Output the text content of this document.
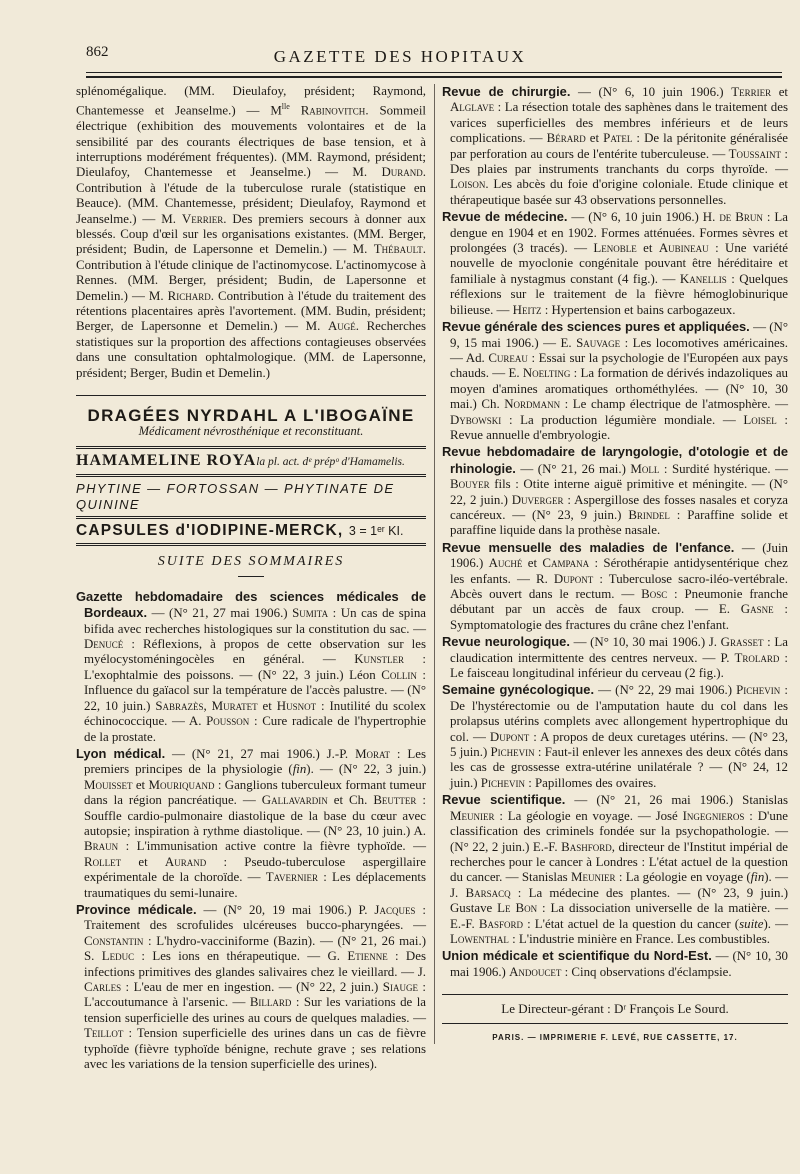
862	GAZETTE DES HOPITAUX

splénomégalique. (MM. Dieulafoy, président; Raymond, Chantemesse et Jeanselme.) — $M^{lle}$ Rabinovitch. Sommeil électrique (exhibition des mouvements volontaires et de la sensibilité par des courants électriques de base tension, et à interruptions modérément fréquentes). (MM. Raymond, président; Dieulafoy, Chantemesse et Jeanselme.) — M. Durand. Contribution à l'étude de la tuberculose rurale (statistique en Beauce). (MM. Chantemesse, président; Dieulafoy, Raymond et Jeanselme.) — M. Verrier. Des premiers secours à donner aux blessés. Coup d'œil sur les organisations existantes. (MM. Berger, président; Budin, de Lapersonne et Demelin.) — M. Thébault. Contribution à l'étude clinique de l'actinomycose. L'actinomycose à Rennes. (MM. Berger, président; Budin, de Lapersonne et Demelin.) — M. Richard. Contribution à l'étude du traitement des rétentions placentaires après l'avortement. (MM. Budin, président; Berger, de Lapersonne et Demelin.) — M. Augé. Recherches statistiques sur la proportion des affections contagieuses observées dans une consultation ophtalmologique. (MM. de Lapersonne, président; Berger, Budin et Demelin.)

DRAGÉES NYRDAHL A L'IBOGAÏNE
Médicament névrosthénique et reconstituant.
HAMAMELINE ROYAla pl. act. dᵉ prépᵒ d'Hamamelis.
PHYTINE — FORTOSSAN — PHYTINATE DE QUININE
CAPSULES d'IODIPINE-MERCK, 3 = 1ᵉʳ KI.
SUITE DES SOMMAIRES

Gazette hebdomadaire des sciences médicales de Bordeaux. — (N° 21, 27 mai 1906.) Sumita : Un cas de spina bifida avec recherches histologiques sur la constitution du sac. — Denucé : Réflexions, à propos de cette observation sur les myélocystoméningocèles en général. — Kunstler : L'exophtalmie des poissons. — (N° 22, 3 juin.) Léon Collin : Influence du gaïacol sur la température de l'accès palustre. — (N° 22, 10 juin.) Sabrazès, Muratet et Husnot : Inutilité du scolex échinococcique. — A. Pousson : Cure radicale de l'hypertrophie de la prostate.

Lyon médical. — (N° 21, 27 mai 1906.) J.-P. Morat : Les premiers principes de la physiologie (fin). — (N° 22, 3 juin.) Mouisset et Mouriquand : Ganglions tuberculeux formant tumeur dans la région pancréatique. — Gallavardin et Ch. Beutter : Souffle cardio-pulmonaire diastolique de la base du cœur avec autopsie; inspiration à rythme diastolique. — (N° 23, 10 juin.) A. Braun : L'immunisation active contre la fièvre typhoïde. — Rollet et Aurand : Pseudo-tuberculose aspergillaire expérimentale de la choroïde. — Tavernier : Les déplacements traumatiques du semi-lunaire.

Province médicale. — (N° 20, 19 mai 1906.) P. Jacques : Traitement des scrofulides ulcéreuses bucco-pharyngées. — Constantin : L'hydro-vacciniforme (Bazin). — (N° 21, 26 mai.) S. Leduc : Les ions en thérapeutique. — G. Etienne : Des infections primitives des glandes salivaires chez le vieillard. — J. Carles : L'eau de mer en ingestion. — (N° 22, 2 juin.) Siauge : L'accoutumance à l'arsenic. — Billard : Sur les variations de la tension superficielle des urines au cours de quelques maladies. — Teillot : Tension superficielle des urines dans un cas de fièvre typhoïde (fièvre typhoïde bénigne, rechute grave ; ses relations avec les variations de la tension superficielle des urines).

Revue de chirurgie. — (N° 6, 10 juin 1906.) Terrier et Alglave : La résection totale des saphènes dans le traitement des varices superficielles des membres inférieurs et de leurs complications. — Bérard et Patel : De la péritonite généralisée par perforation au cours de l'entérite tuberculeuse. — Toussaint : Des plaies par instruments tranchants du corps thyroïde. — Loison. Les abcès du foie d'origine coloniale. Etude clinique et thérapeutique basée sur 43 observations personnelles.

Revue de médecine. — (N° 6, 10 juin 1906.) H. de Brun : La dengue en 1904 et en 1902. Formes atténuées. Formes sèvres et prolongées (3 tracés). — Lenoble et Aubineau : Une variété nouvelle de myoclonie congénitale pouvant être héréditaire et familiale à nystagmus constant (4 fig.). — Kanellis : Quelques réflexions sur le traitement de la fièvre hémoglobinurique bilieuse. — Heitz : Hypertension et bains carbogazeux.

Revue générale des sciences pures et appliquées. — (N° 9, 15 mai 1906.) — E. Sauvage : Les locomotives américaines. — Ad. Cureau : Essai sur la psychologie de l'Européen aux pays chauds. — E. Noelting : La formation de dérivés indazoliques au moyen d'amines aromatiques orthométhylées. — (N° 10, 30 mai.) Ch. Nordmann : Le champ électrique de l'atmosphère. — Dybowski : La production légumière mondiale. — Loisel : Revue annuelle d'embryologie.

Revue hebdomadaire de laryngologie, d'otologie et de rhinologie. — (N° 21, 26 mai.) Moll : Surdité hystérique. — Bouyer fils : Otite interne aiguë primitive et méningite. — (N° 22, 2 juin.) Duverger : Aspergillose des fosses nasales et coryza cancéreux. — (N° 23, 9 juin.) Brindel : Paraffine solide et paraffine liquide dans la prothèse nasale.

Revue mensuelle des maladies de l'enfance. — (Juin 1906.) Auché et Campana : Sérothérapie antidysentérique chez les enfants. — R. Dupont : Tuberculose sacro-iléo-vertébrale. Abcès ouvert dans le rectum. — Bosc : Pneumonie franche débutant par un accès de faux croup. — E. Gasne : Symptomatologie des fractures du crâne chez l'enfant.

Revue neurologique. — (N° 10, 30 mai 1906.) J. Grasset : La claudication intermittente des centres nerveux. — P. Trolard : Le faisceau longitudinal inférieur du cerveau (2 fig.).

Semaine gynécologique. — (N° 22, 29 mai 1906.) Pichevin : De l'hystérectomie ou de l'amputation haute du col dans les prolapsus utérins complets avec allongement hypertrophique du col. — Dupont : A propos de deux curetages utérins. — (N° 23, 5 juin.) Pichevin : Faut-il enlever les annexes des deux côtés dans les cas de grossesse extra-utérine unilatérale ? — (N° 24, 12 juin.) Pichevin : Papillomes des ovaires.

Revue scientifique. — (N° 21, 26 mai 1906.) Stanislas Meunier : La géologie en voyage. — José Ingegnieros : D'une classification des criminels fondée sur la psychopathologie. — (N° 22, 2 juin.) E.-F. Bashford, directeur de l'Institut impérial de recherches pour le cancer à Londres : L'état actuel de la question du cancer. — Stanislas Meunier : La géologie en voyage (fin). — J. Barsacq : La médecine des plantes. — (N° 23, 9 juin.) Gustave Le Bon : La dissociation universelle de la matière. — E.-F. Basford : L'état actuel de la question du cancer (suite). — Lowenthal : L'industrie minière en France. Les combustibles.

Union médicale et scientifique du Nord-Est. — (N° 10, 30 mai 1906.) Andoucet : Cinq observations d'éclampsie.

Le Directeur-gérant : Dʳ François Le Sourd.
PARIS. — IMPRIMERIE F. LEVÉ, RUE CASSETTE, 17.
